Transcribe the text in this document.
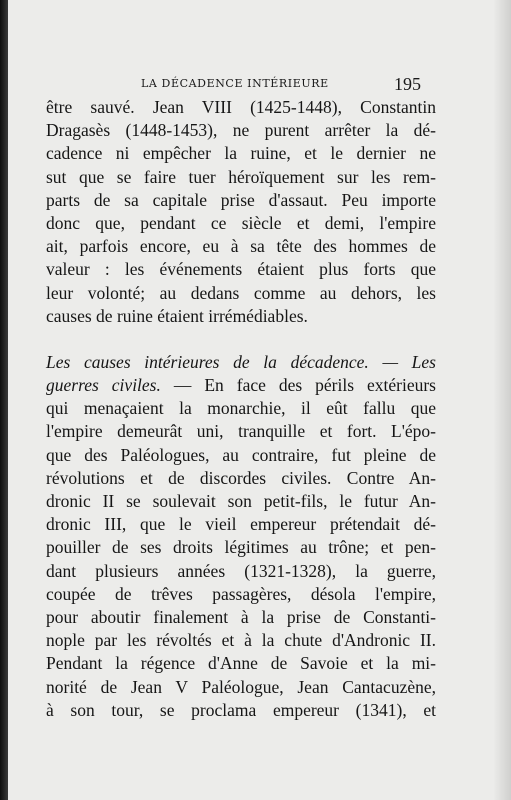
LA DÉCADENCE INTÉRIEURE	195
être sauvé. Jean VIII (1425-1448), Constantin
Dragasès (1448-1453), ne purent arrêter la dé-
cadence ni empêcher la ruine, et le dernier ne
sut que se faire tuer héroïquement sur les rem-
parts de sa capitale prise d'assaut. Peu importe
donc que, pendant ce siècle et demi, l'empire
ait, parfois encore, eu à sa tête des hommes de
valeur : les événements étaient plus forts que
leur volonté; au dedans comme au dehors, les
causes de ruine étaient irrémédiables.
Les causes intérieures de la décadence. — Les
guerres civiles. — En face des périls extérieurs
qui menaçaient la monarchie, il eût fallu que
l'empire demeurât uni, tranquille et fort. L'épo-
que des Paléologues, au contraire, fut pleine de
révolutions et de discordes civiles. Contre An-
dronic II se soulevait son petit-fils, le futur An-
dronic III, que le vieil empereur prétendait dé-
pouiller de ses droits légitimes au trône; et pen-
dant plusieurs années (1321-1328), la guerre,
coupée de trêves passagères, désola l'empire,
pour aboutir finalement à la prise de Constanti-
nople par les révoltés et à la chute d'Andronic II.
Pendant la régence d'Anne de Savoie et la mi-
norité de Jean V Paléologue, Jean Cantacuzène,
à son tour, se proclama empereur (1341), et
